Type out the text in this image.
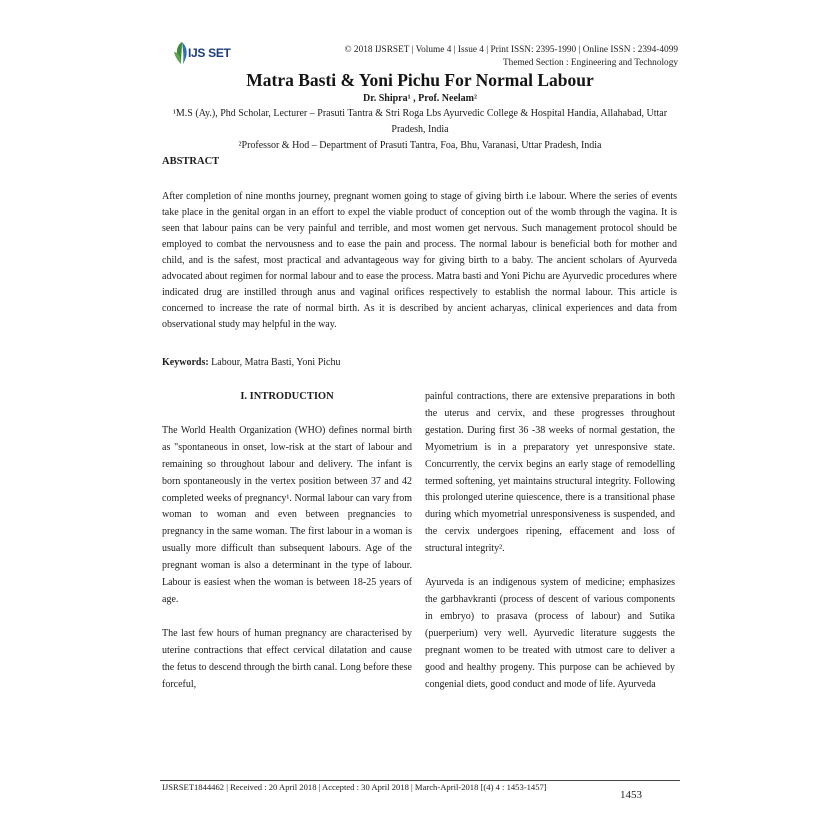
IJS SET	© 2018 IJSRSET | Volume 4 | Issue 4 | Print ISSN: 2395-1990 | Online ISSN : 2394-4099
Themed Section : Engineering and Technology
Matra Basti & Yoni Pichu For Normal Labour
Dr. Shipra¹ , Prof. Neelam²
¹M.S (Ay.), Phd Scholar, Lecturer – Prasuti Tantra & Stri Roga Lbs Ayurvedic College & Hospital Handia, Allahabad, Uttar Pradesh, India
²Professor & Hod – Department of Prasuti Tantra, Foa, Bhu, Varanasi, Uttar Pradesh, India
ABSTRACT
After completion of nine months journey, pregnant women going to stage of giving birth i.e labour. Where the series of events take place in the genital organ in an effort to expel the viable product of conception out of the womb through the vagina. It is seen that labour pains can be very painful and terrible, and most women get nervous. Such management protocol should be employed to combat the nervousness and to ease the pain and process. The normal labour is beneficial both for mother and child, and is the safest, most practical and advantageous way for giving birth to a baby. The ancient scholars of Ayurveda advocated about regimen for normal labour and to ease the process. Matra basti and Yoni Pichu are Ayurvedic procedures where indicated drug are instilled through anus and vaginal orifices respectively to establish the normal labour. This article is concerned to increase the rate of normal birth. As it is described by ancient acharyas, clinical experiences and data from observational study may helpful in the way.
Keywords: Labour, Matra Basti, Yoni Pichu
I. INTRODUCTION

The World Health Organization (WHO) defines normal birth as "spontaneous in onset, low-risk at the start of labour and remaining so throughout labour and delivery. The infant is born spontaneously in the vertex position between 37 and 42 completed weeks of pregnancy¹. Normal labour can vary from woman to woman and even between pregnancies to pregnancy in the same woman. The first labour in a woman is usually more difficult than subsequent labours. Age of the pregnant woman is also a determinant in the type of labour. Labour is easiest when the woman is between 18-25 years of age.

The last few hours of human pregnancy are characterised by uterine contractions that effect cervical dilatation and cause the fetus to descend through the birth canal. Long before these forceful,

painful contractions, there are extensive preparations in both the uterus and cervix, and these progresses throughout gestation. During first 36 -38 weeks of normal gestation, the Myometrium is in a preparatory yet unresponsive state. Concurrently, the cervix begins an early stage of remodelling termed softening, yet maintains structural integrity. Following this prolonged uterine quiescence, there is a transitional phase during which myometrial unresponsiveness is suspended, and the cervix undergoes ripening, effacement and loss of structural integrity².

Ayurveda is an indigenous system of medicine; emphasizes the garbhavkranti (process of descent of various components in embryo) to prasava (process of labour) and Sutika (puerperium) very well. Ayurvedic literature suggests the pregnant women to be treated with utmost care to deliver a good and healthy progeny. This purpose can be achieved by congenial diets, good conduct and mode of life. Ayurveda

IJSRSET1844462 | Received : 20 April 2018 | Accepted : 30 April 2018 | March-April-2018 [(4) 4 : 1453-1457]
1453
